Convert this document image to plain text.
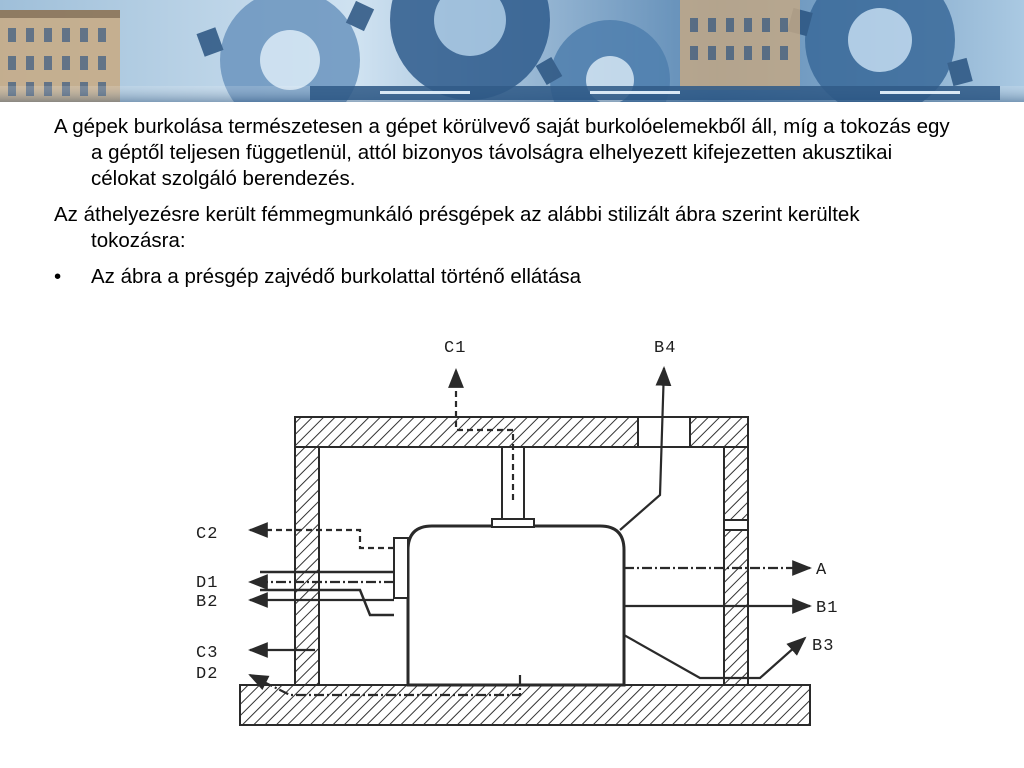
A gépek burkolása természetesen a gépet körülvevő saját burkolóelemekből áll, míg a tokozás egy a géptől teljesen függetlenül, attól bizonyos távolságra elhelyezett kifejezetten akusztikai célokat szolgáló berendezés.

Az áthelyezésre került fémmegmunkáló présgépek az alábbi stilizált ábra szerint kerültek tokozásra:

• Az ábra a présgép zajvédő burkolattal történő ellátása

C1	B4
C2
D1
B2
C3
D2
A
B1
B3
